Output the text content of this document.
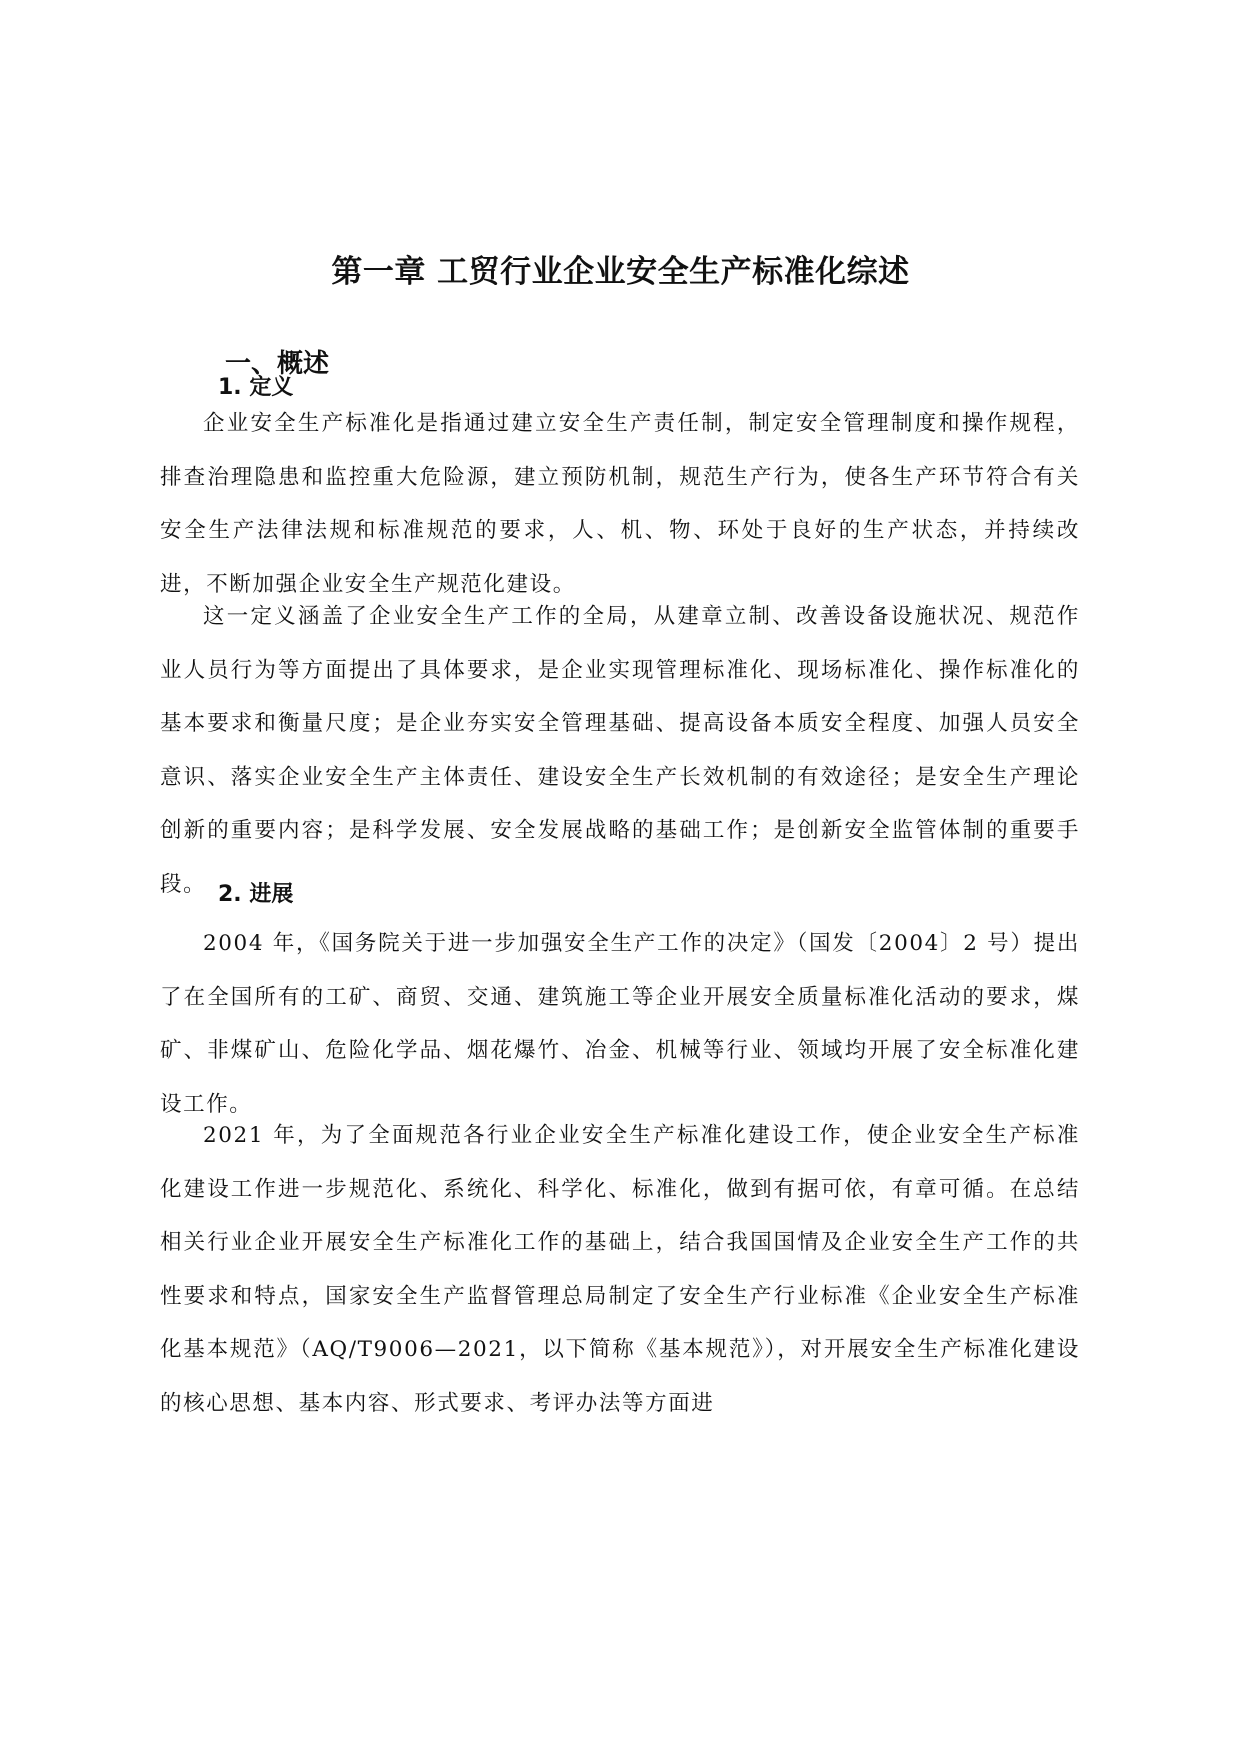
第一章 工贸行业企业安全生产标准化综述
一、概述
1. 定义

企业安全生产标准化是指通过建立安全生产责任制，制定安全管理制度和操作规程，排查治理隐患和监控重大危险源，建立预防机制，规范生产行为，使各生产环节符合有关安全生产法律法规和标准规范的要求，人、机、物、环处于良好的生产状态，并持续改进，不断加强企业安全生产规范化建设。

这一定义涵盖了企业安全生产工作的全局，从建章立制、改善设备设施状况、规范作业人员行为等方面提出了具体要求，是企业实现管理标准化、现场标准化、操作标准化的基本要求和衡量尺度；是企业夯实安全管理基础、提高设备本质安全程度、加强人员安全意识、落实企业安全生产主体责任、建设安全生产长效机制的有效途径；是安全生产理论创新的重要内容；是科学发展、安全发展战略的基础工作；是创新安全监管体制的重要手段。 2. 进展

2004 年，《国务院关于进一步加强安全生产工作的决定》（国发〔2004〕2 号）提出了在全国所有的工矿、商贸、交通、建筑施工等企业开展安全质量标准化活动的要求，煤矿、非煤矿山、危险化学品、烟花爆竹、冶金、机械等行业、领域均开展了安全标准化建设工作。

2021 年，为了全面规范各行业企业安全生产标准化建设工作，使企业安全生产标准化建设工作进一步规范化、系统化、科学化、标准化，做到有据可依，有章可循。在总结相关行业企业开展安全生产标准化工作的基础上，结合我国国情及企业安全生产工作的共性要求和特点，国家安全生产监督管理总局制定了安全生产行业标准《企业安全生产标准化基本规范》（AQ/T9006—2021，以下简称《基本规范》），对开展安全生产标准化建设的核心思想、基本内容、形式要求、考评办法等方面进
